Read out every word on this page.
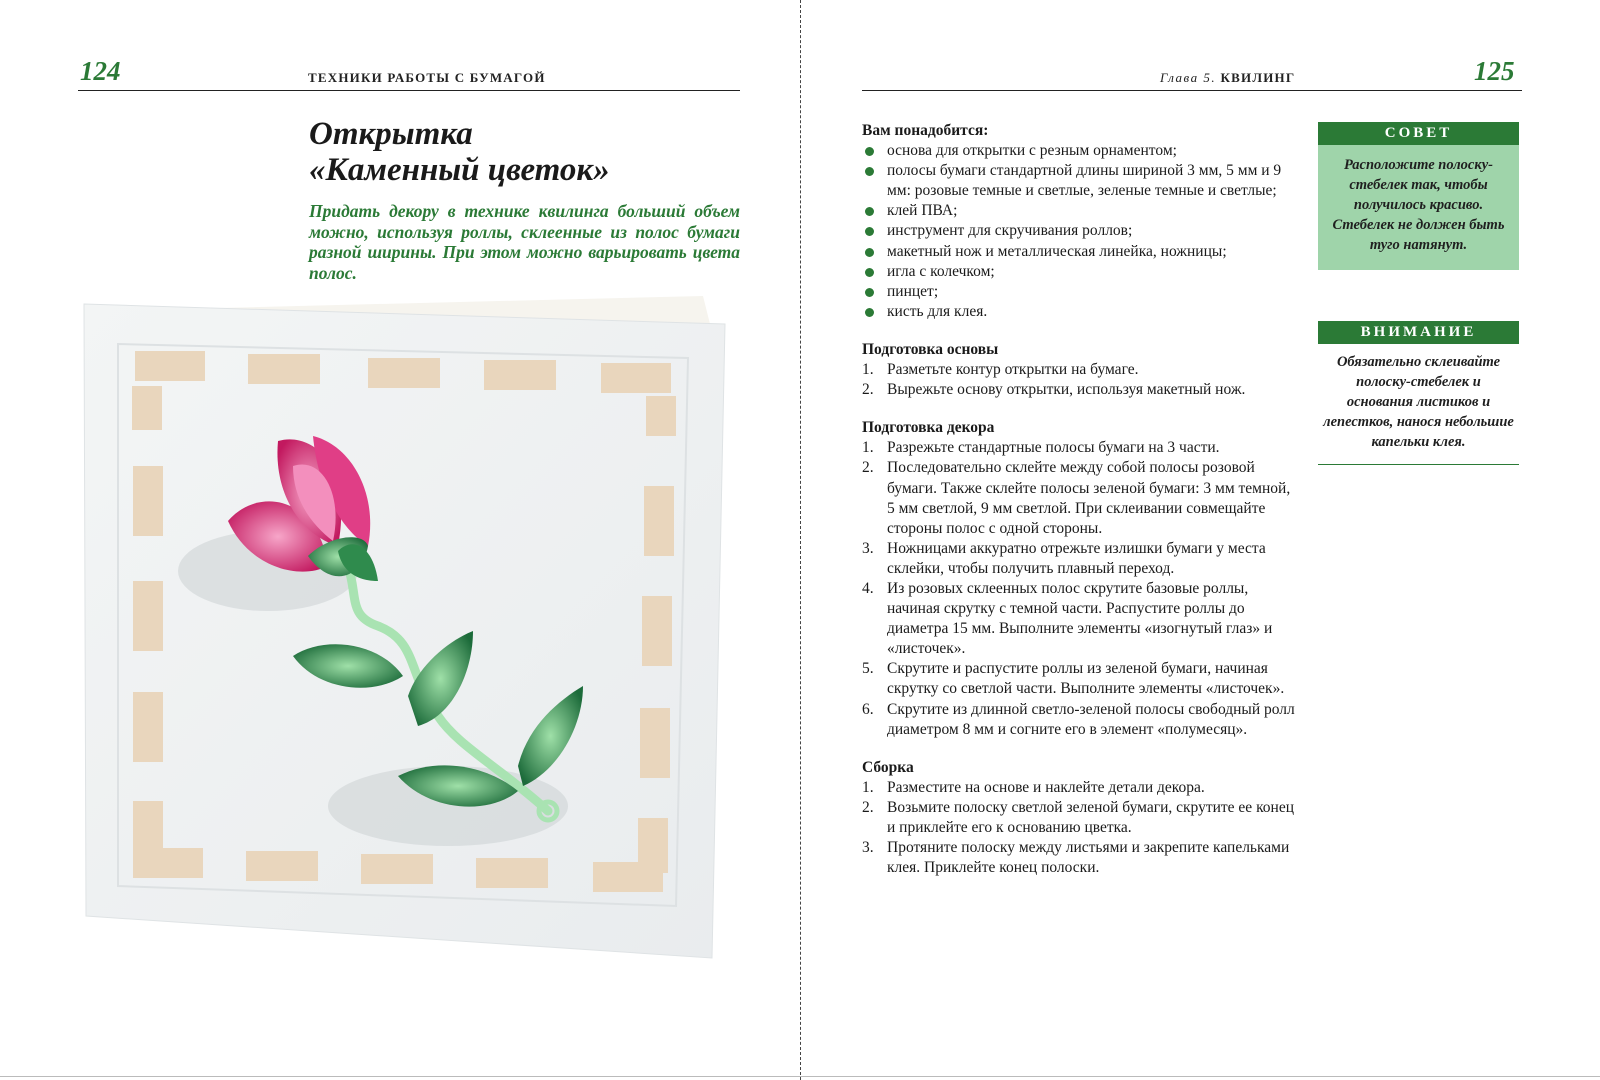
124	ТЕХНИКИ РАБОТЫ С БУМАГОЙ
Открытка
«Каменный цветок»
Придать декору в технике квилинга больший объем можно, используя роллы, склеенные из полос бумаги разной ширины. При этом можно варьировать цвета полос.
Глава 5. КВИЛИНГ	125

Вам понадобится:

основа для открытки с резным орнаментом;
полосы бумаги стандартной длины шириной 3 мм, 5 мм и 9 мм: розовые темные и светлые, зеленые темные и светлые;
клей ПВА;
инструмент для скручивания роллов;
макетный нож и металлическая линейка, ножницы;
игла с колечком;
пинцет;
кисть для клея.

Подготовка основы

1. Разметьте контур открытки на бумаге.
2. Вырежьте основу открытки, используя макетный нож.

Подготовка декора

1. Разрежьте стандартные полосы бумаги на 3 части.
2. Последовательно склейте между собой полосы розовой бумаги. Также склейте полосы зеленой бумаги: 3 мм темной, 5 мм светлой, 9 мм светлой. При склеивании совмещайте стороны полос с одной стороны.
3. Ножницами аккуратно отрежьте излишки бумаги у места склейки, чтобы получить плавный переход.
4. Из розовых склеенных полос скрутите базовые роллы, начиная скрутку с темной части. Распустите роллы до диаметра 15 мм. Выполните элементы «изогнутый глаз» и «листочек».
5. Скрутите и распустите роллы из зеленой бумаги, начиная скрутку со светлой части. Выполните элементы «листочек».
6. Скрутите из длинной светло-зеленой полосы свободный ролл диаметром 8 мм и согните его в элемент «полумесяц».

Сборка

1. Разместите на основе и наклейте детали декора.
2. Возьмите полоску светлой зеленой бумаги, скрутите ее конец и приклейте его к основанию цветка.
3. Протяните полоску между листьями и закрепите капельками клея. Приклейте конец полоски.
СОВЕТ
Расположите полоску-стебелек так, чтобы получилось красиво. Стебелек не должен быть туго натянут.
ВНИМАНИЕ
Обязательно склеивайте полоску-стебелек и основания листиков и лепестков, нанося небольшие капельки клея.
